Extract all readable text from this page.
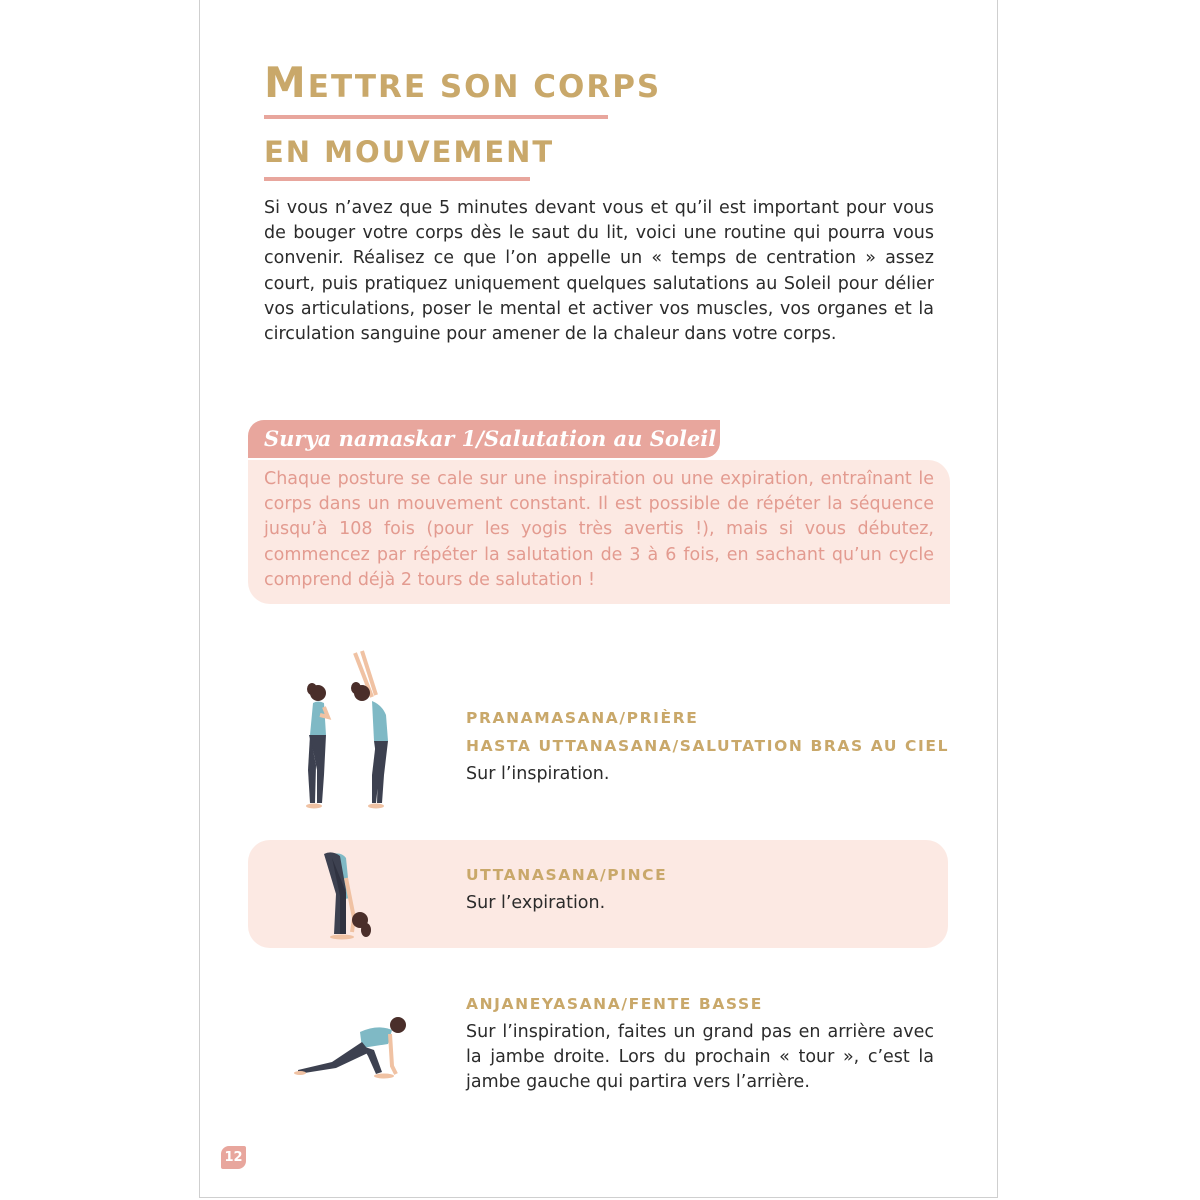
METTRE SON CORPS
EN MOUVEMENT
Si vous n’avez que 5 minutes devant vous et qu’il est important pour vous de bouger votre corps dès le saut du lit, voici une routine qui pourra vous convenir. Réalisez ce que l’on appelle un « temps de centration » assez court, puis pratiquez uniquement quelques salutations au Soleil pour délier vos articulations, poser le mental et activer vos muscles, vos organes et la circulation sanguine pour amener de la chaleur dans votre corps.
Surya namaskar 1/Salutation au Soleil
Chaque posture se cale sur une inspiration ou une expiration, entraînant le corps dans un mouvement constant. Il est possible de répéter la séquence jusqu’à 108 fois (pour les yogis très avertis !), mais si vous débutez, commencez par répéter la salutation de 3 à 6 fois, en sachant qu’un cycle comprend déjà 2 tours de salutation !
PRANAMASANA/PRIÈRE
HASTA UTTANASANA/SALUTATION BRAS AU CIEL
Sur l’inspiration.
UTTANASANA/PINCE
Sur l’expiration.
ANJANEYASANA/FENTE BASSE
Sur l’inspiration, faites un grand pas en arrière avec la jambe droite. Lors du prochain « tour », c’est la jambe gauche qui partira vers l’arrière.
12
